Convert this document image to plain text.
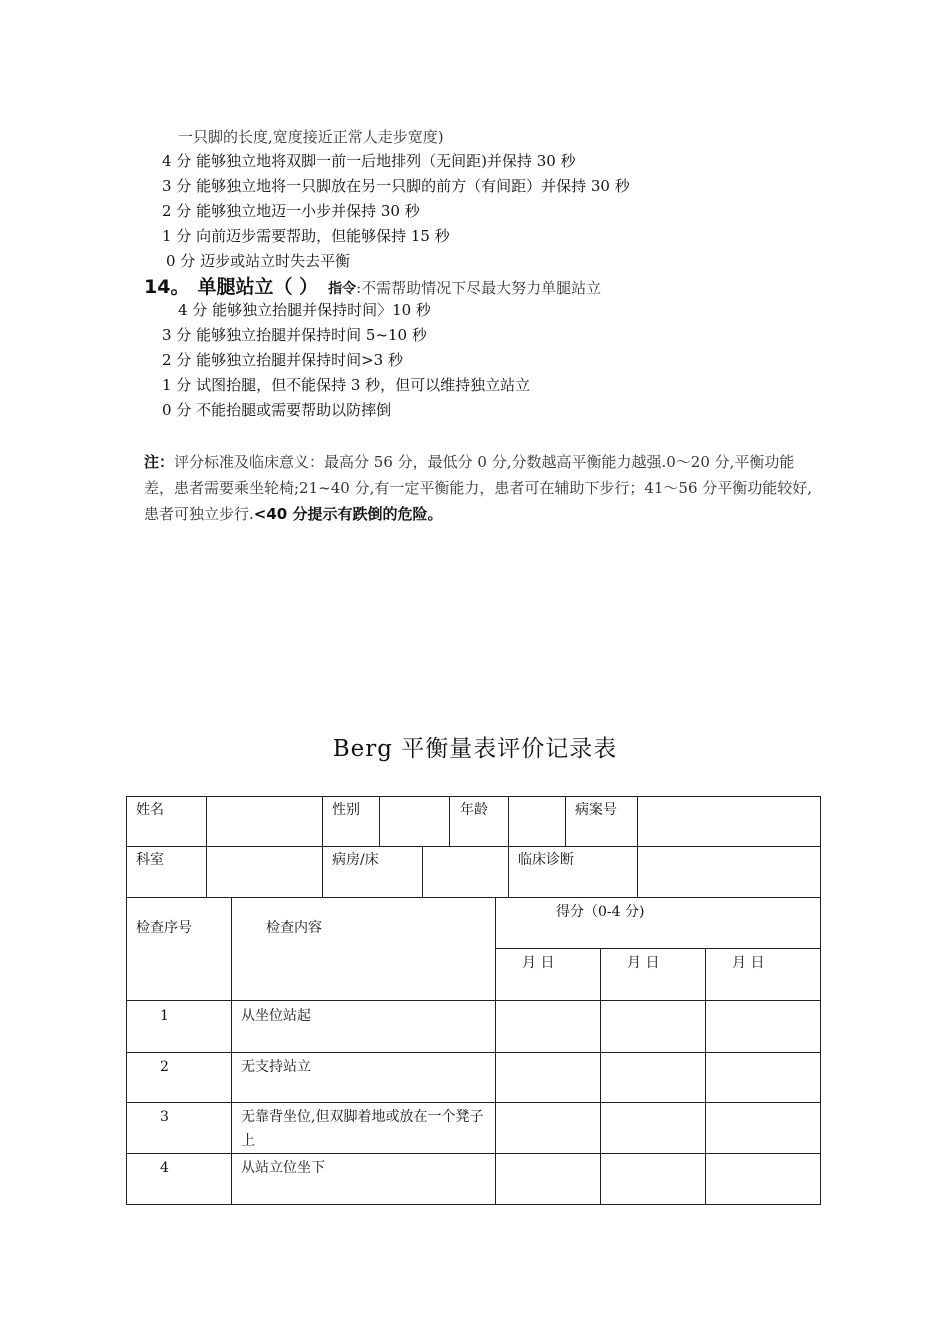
一只脚的长度,宽度接近正常人走步宽度)
4 分 能够独立地将双脚一前一后地排列（无间距)并保持 30 秒
3 分 能够独立地将一只脚放在另一只脚的前方（有间距）并保持 30 秒
2 分 能够独立地迈一小步并保持 30 秒
1 分 向前迈步需要帮助，但能够保持 15 秒
0 分 迈步或站立时失去平衡
14。 单腿站立（ ） 指令:不需帮助情况下尽最大努力单腿站立
4 分 能够独立抬腿并保持时间〉10 秒
3 分 能够独立抬腿并保持时间 5~10 秒
2 分 能够独立抬腿并保持时间>3 秒
1 分 试图抬腿，但不能保持 3 秒，但可以维持独立站立
0 分 不能抬腿或需要帮助以防摔倒
注：评分标准及临床意义：最高分 56 分，最低分 0 分,分数越高平衡能力越强.0～20 分,平衡功能差，患者需要乘坐轮椅;21~40 分,有一定平衡能力，患者可在辅助下步行；41～56 分平衡功能较好,患者可独立步行.<40 分提示有跌倒的危险。
Berg 平衡量表评价记录表
姓名	性别	年龄	病案号
科室	病房/床	临床诊断
检查序号	检查内容
得分（0-4 分)
月 日	月 日	月 日
1	从坐位站起
2	无支持站立
3	无靠背坐位,但双脚着地或放在一个凳子上
4	从站立位坐下
